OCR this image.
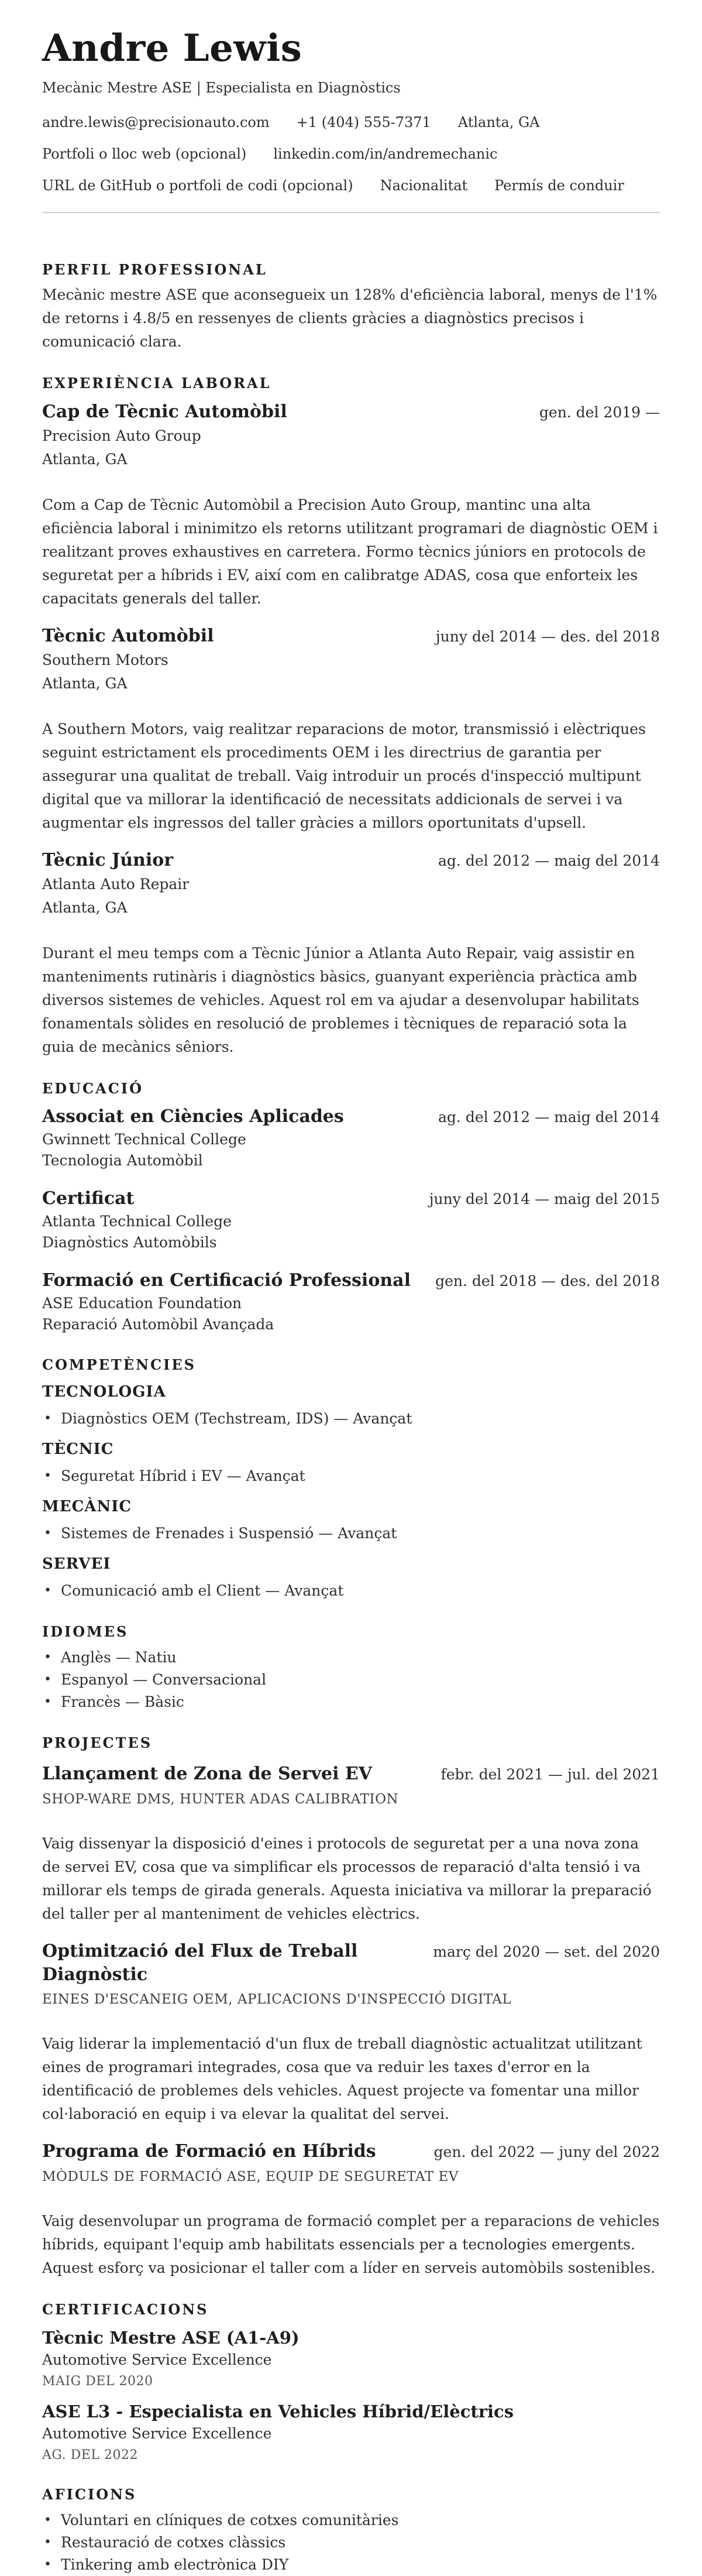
Andre Lewis
Mecànic Mestre ASE | Especialista en Diagnòstics
andre.lewis@precisionauto.com +1 (404) 555-7371 Atlanta, GA
Portfoli o lloc web (opcional) linkedin.com/in/andremechanic
URL de GitHub o portfoli de codi (opcional) Nacionalitat Permís de conduir
PERFIL PROFESSIONAL

Mecànic mestre ASE que aconsegueix un 128% d'eficiència laboral, menys de l'1% de retorns i 4.8/5 en ressenyes de clients gràcies a diagnòstics precisos i comunicació clara.

EXPERIÈNCIA LABORAL
Cap de Tècnic Automòbil	gen. del 2019 —
Precision Auto Group
Atlanta, GA

Com a Cap de Tècnic Automòbil a Precision Auto Group, mantinc una alta eficiència laboral i minimitzo els retorns utilitzant programari de diagnòstic OEM i realitzant proves exhaustives en carretera. Formo tècnics júniors en protocols de seguretat per a híbrids i EV, així com en calibratge ADAS, cosa que enforteix les capacitats generals del taller.

Tècnic Automòbil	juny del 2014 — des. del 2018
Southern Motors
Atlanta, GA

A Southern Motors, vaig realitzar reparacions de motor, transmissió i elèctriques seguint estrictament els procediments OEM i les directrius de garantia per assegurar una qualitat de treball. Vaig introduir un procés d'inspecció multipunt digital que va millorar la identificació de necessitats addicionals de servei i va augmentar els ingressos del taller gràcies a millors oportunitats d'upsell.

Tècnic Júnior	ag. del 2012 — maig del 2014
Atlanta Auto Repair
Atlanta, GA

Durant el meu temps com a Tècnic Júnior a Atlanta Auto Repair, vaig assistir en manteniments rutinàris i diagnòstics bàsics, guanyant experiència pràctica amb diversos sistemes de vehicles. Aquest rol em va ajudar a desenvolupar habilitats fonamentals sòlides en resolució de problemes i tècniques de reparació sota la guia de mecànics sêniors.

EDUCACIÓ
Associat en Ciències Aplicades	ag. del 2012 — maig del 2014
Gwinnett Technical College
Tecnologia Automòbil
Certificat	juny del 2014 — maig del 2015
Atlanta Technical College
Diagnòstics Automòbils
Formació en Certificació Professional gen. del 2018 — des. del 2018
ASE Education Foundation
Reparació Automòbil Avançada
COMPETÈNCIES
TECNOLOGIA
• Diagnòstics OEM (Techstream, IDS) — Avançat
TÈCNIC
• Seguretat Híbrid i EV — Avançat
MECÀNIC
• Sistemes de Frenades i Suspensió — Avançat
SERVEI
• Comunicació amb el Client — Avançat
IDIOMES
• Anglès — Natiu
• Espanyol — Conversacional
• Francès — Bàsic
PROJECTES
Llançament de Zona de Servei EV	febr. del 2021 — jul. del 2021
SHOP-WARE DMS, HUNTER ADAS CALIBRATION

Vaig dissenyar la disposició d'eines i protocols de seguretat per a una nova zona de servei EV, cosa que va simplificar els processos de reparació d'alta tensió i va millorar els temps de girada generals. Aquesta iniciativa va millorar la preparació del taller per al manteniment de vehicles elèctrics.

Optimització del Flux de Treball Diagnòstic
març del 2020 — set. del 2020
EINES D'ESCANEIG OEM, APLICACIONS D'INSPECCIÓ DIGITAL

Vaig liderar la implementació d'un flux de treball diagnòstic actualitzat utilitzant eines de programari integrades, cosa que va reduir les taxes d'error en la identificació de problemes dels vehicles. Aquest projecte va fomentar una millor col·laboració en equip i va elevar la qualitat del servei.

Programa de Formació en Híbrids	gen. del 2022 — juny del 2022
MÒDULS DE FORMACIÓ ASE, EQUIP DE SEGURETAT EV

Vaig desenvolupar un programa de formació complet per a reparacions de vehicles híbrids, equipant l'equip amb habilitats essencials per a tecnologies emergents. Aquest esforç va posicionar el taller com a líder en serveis automòbils sostenibles.

CERTIFICACIONS
Tècnic Mestre ASE (A1-A9)
Automotive Service Excellence
MAIG DEL 2020
ASE L3 - Especialista en Vehicles Híbrid/Elèctrics
Automotive Service Excellence
AG. DEL 2022
AFICIONS
• Voluntari en clíniques de cotxes comunitàries
• Restauració de cotxes clàssics
• Tinkering amb electrònica DIY
